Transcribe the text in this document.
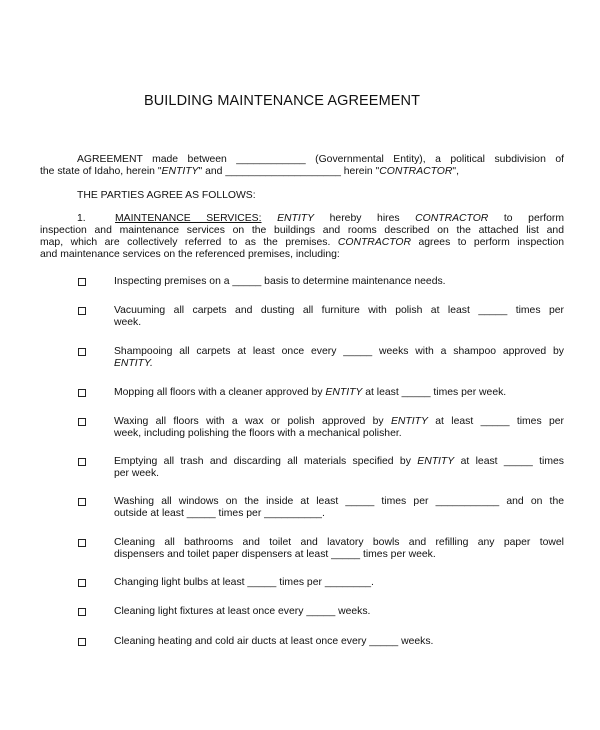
BUILDING MAINTENANCE AGREEMENT
AGREEMENT made between ____________ (Governmental Entity), a political subdivision of
the state of Idaho, herein "ENTITY" and ____________________ herein "CONTRACTOR",
THE PARTIES AGREE AS FOLLOWS:
1.	MAINTENANCE SERVICES: ENTITY hereby hires CONTRACTOR to perform
inspection and maintenance services on the buildings and rooms described on the attached list and
map, which are collectively referred to as the premises. CONTRACTOR agrees to perform inspection
and maintenance services on the referenced premises, including:
Inspecting premises on a _____ basis to determine maintenance needs.
Vacuuming all carpets and dusting all furniture with polish at least _____ times per
week.
Shampooing all carpets at least once every _____ weeks with a shampoo approved by
ENTITY.
Mopping all floors with a cleaner approved by ENTITY at least _____ times per week.
Waxing all floors with a wax or polish approved by ENTITY at least _____ times per
week, including polishing the floors with a mechanical polisher.
Emptying all trash and discarding all materials specified by ENTITY at least _____ times
per week.
Washing all windows on the inside at least _____ times per ___________ and on the
outside at least _____ times per __________.
Cleaning all bathrooms and toilet and lavatory bowls and refilling any paper towel
dispensers and toilet paper dispensers at least _____ times per week.
Changing light bulbs at least _____ times per ________.
Cleaning light fixtures at least once every _____ weeks.
Cleaning heating and cold air ducts at least once every _____ weeks.
